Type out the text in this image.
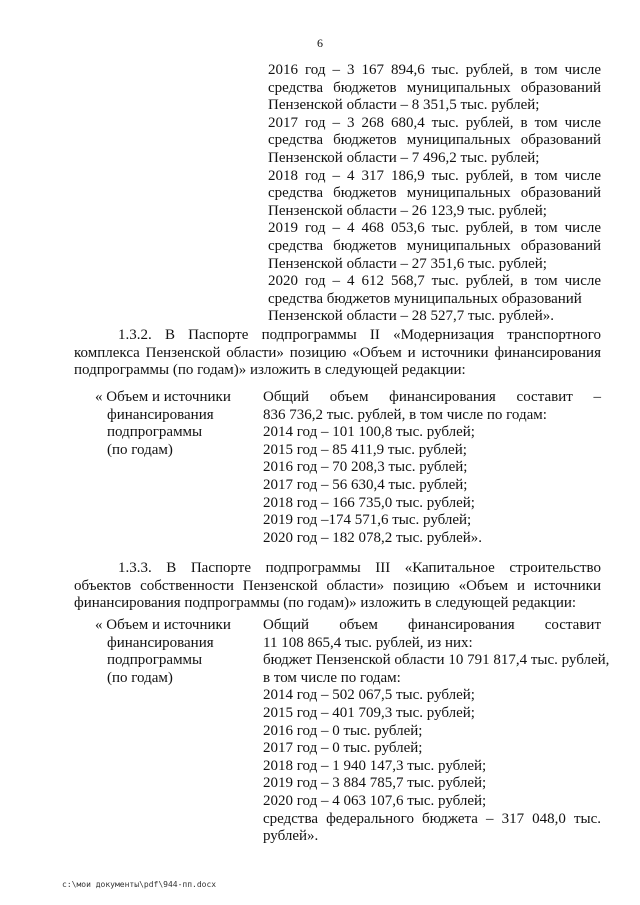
6
2016 год – 3 167 894,6 тыс. рублей, в том числе
средства бюджетов муниципальных образований
Пензенской области – 8 351,5 тыс. рублей;
2017 год – 3 268 680,4 тыс. рублей, в том числе
средства бюджетов муниципальных образований
Пензенской области – 7 496,2 тыс. рублей;
2018 год – 4 317 186,9 тыс. рублей, в том числе
средства бюджетов муниципальных образований
Пензенской области – 26 123,9 тыс. рублей;
2019 год – 4 468 053,6 тыс. рублей, в том числе
средства бюджетов муниципальных образований
Пензенской области – 27 351,6 тыс. рублей;
2020 год – 4 612 568,7 тыс. рублей, в том числе
средства бюджетов муниципальных образований
Пензенской области – 28 527,7 тыс. рублей».
1.3.2. В Паспорте подпрограммы II «Модернизация транспортного
комплекса Пензенской области» позицию «Объем и источники финансирования
подпрограммы (по годам)» изложить в следующей редакции:
« Объем и источники
финансирования
подпрограммы
(по годам)
Общий объем финансирования составит –
836 736,2 тыс. рублей, в том числе по годам:
2014 год – 101 100,8 тыс. рублей;
2015 год – 85 411,9 тыс. рублей;
2016 год – 70 208,3 тыс. рублей;
2017 год – 56 630,4 тыс. рублей;
2018 год – 166 735,0 тыс. рублей;
2019 год –174 571,6 тыс. рублей;
2020 год – 182 078,2 тыс. рублей».
1.3.3. В Паспорте подпрограммы III «Капитальное строительство
объектов собственности Пензенской области» позицию «Объем и источники
финансирования подпрограммы (по годам)» изложить в следующей редакции:
« Объем и источники
финансирования
подпрограммы
(по годам)
Общий объем финансирования составит
11 108 865,4 тыс. рублей, из них:
бюджет Пензенской области 10 791 817,4 тыс. рублей,
в том числе по годам:
2014 год – 502 067,5 тыс. рублей;
2015 год – 401 709,3 тыс. рублей;
2016 год – 0 тыс. рублей;
2017 год – 0 тыс. рублей;
2018 год – 1 940 147,3 тыс. рублей;
2019 год – 3 884 785,7 тыс. рублей;
2020 год – 4 063 107,6 тыс. рублей;
средства федерального бюджета – 317 048,0 тыс.
рублей».
c:\мои документы\pdf\944-пп.docx
